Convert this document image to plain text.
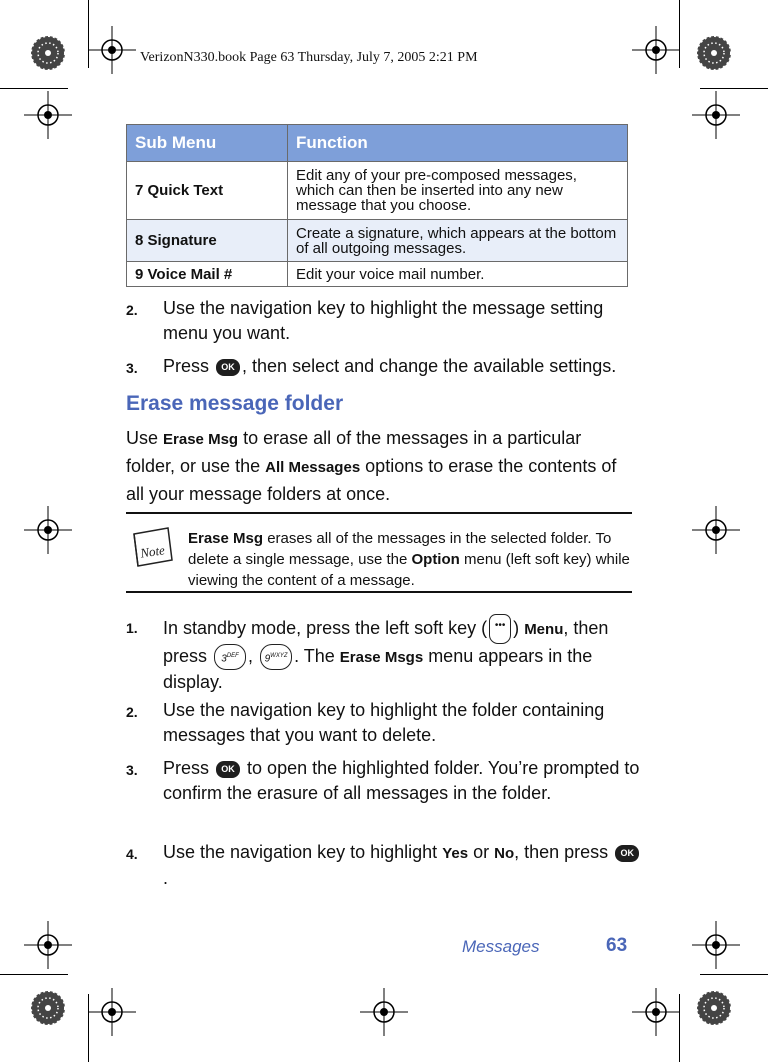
VerizonN330.book Page 63 Thursday, July 7, 2005 2:21 PM
Sub Menu	Function
7 Quick Text	Edit any of your pre-composed messages, which can then be inserted into any new message that you choose.
8 Signature	Create a signature, which appears at the bottom of all outgoing messages.
9 Voice Mail #	Edit your voice mail number.
2. Use the navigation key to highlight the message setting menu you want.
3. Press OK , then select and change the available settings.
Erase message folder
Use Erase Msg to erase all of the messages in a particular folder, or use the All Messages options to erase the contents of all your message folders at once.
Note
Erase Msg erases all of the messages in the selected folder. To delete a single message, use the Option menu (left soft key) while viewing the content of a message.
1. In standby mode, press the left soft key ( ••• ) Menu, then press $3^{DEF}$ , $9^{WXYZ}$ . The Erase Msgs menu appears in the display.
2. Use the navigation key to highlight the folder containing messages that you want to delete.
3. Press OK to open the highlighted folder. You’re prompted to confirm the erasure of all messages in the folder.
4. Use the navigation key to highlight Yes or No, then press OK.
Messages	63
